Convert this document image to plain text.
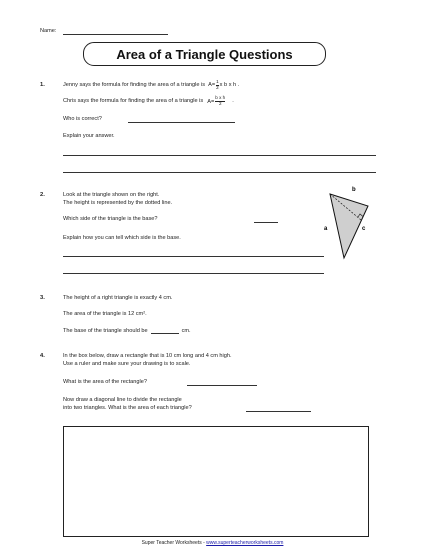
Name:
Area of a Triangle Questions
1.	Jenny says the formula for finding the area of a triangle is $A= \frac{1}{2}$ x b x h .
Chris says the formula for finding the area of a triangle is $A= \frac{\text{b x h}}{2}$ .
Who is correct?
Explain your answer.
2.	Look at the triangle shown on the right.
The height is represented by the dotted line.
Which side of the triangle is the base?
Explain how you can tell which side is the base.
b
a	c
3.	The height of a right triangle is exactly 4 cm.
The area of the triangle is 12 cm².
The base of the triangle should be	cm.
4.	In the box below, draw a rectangle that is 10 cm long and 4 cm high.
Use a ruler and make sure your drawing is to scale.
What is the area of the rectangle?
Now draw a diagonal line to divide the rectangle
into two triangles. What is the area of each triangle?
Super Teacher Worksheets - www.superteacherworksheets.com
